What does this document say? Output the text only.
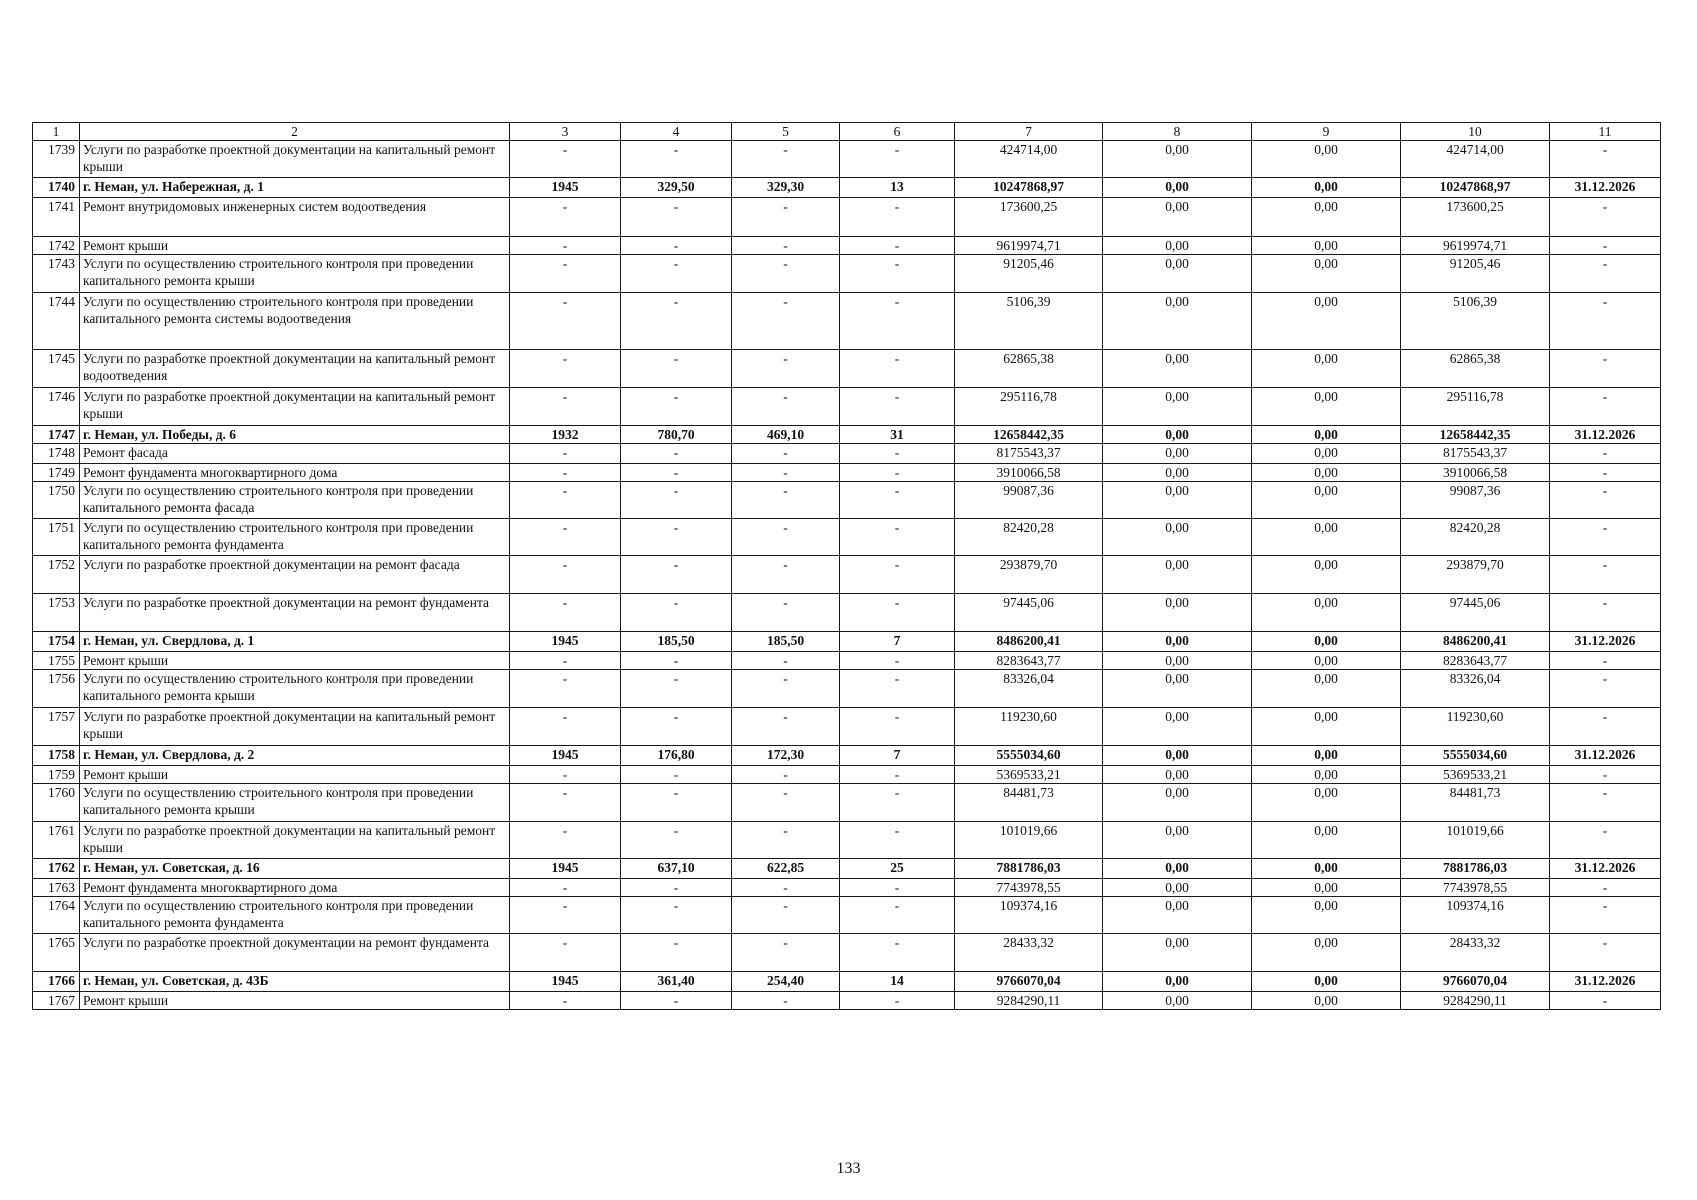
1	2	3	4	5	6	7	8	9	10	11
1739	Услуги по разработке проектной документации на капитальный ремонт крыши	-	-	-	-	424714,00	0,00	0,00	424714,00	-
1740	г. Неман, ул. Набережная, д. 1	1945	329,50	329,30	13	10247868,97	0,00	0,00	10247868,97	31.12.2026
1741	Ремонт внутридомовых инженерных систем водоотведения	-	-	-	-	173600,25	0,00	0,00	173600,25	-
1742	Ремонт крыши	-	-	-	-	9619974,71	0,00	0,00	9619974,71	-
1743	Услуги по осуществлению строительного контроля при проведении капитального ремонта крыши	-	-	-	-	91205,46	0,00	0,00	91205,46	-
1744	Услуги по осуществлению строительного контроля при проведении капитального ремонта системы водоотведения	-	-	-	-	5106,39	0,00	0,00	5106,39	-
1745	Услуги по разработке проектной документации на капитальный ремонт водоотведения	-	-	-	-	62865,38	0,00	0,00	62865,38	-
1746	Услуги по разработке проектной документации на капитальный ремонт крыши	-	-	-	-	295116,78	0,00	0,00	295116,78	-
1747	г. Неман, ул. Победы, д. 6	1932	780,70	469,10	31	12658442,35	0,00	0,00	12658442,35	31.12.2026
1748	Ремонт фасада	-	-	-	-	8175543,37	0,00	0,00	8175543,37	-
1749	Ремонт фундамента многоквартирного дома	-	-	-	-	3910066,58	0,00	0,00	3910066,58	-
1750	Услуги по осуществлению строительного контроля при проведении капитального ремонта фасада	-	-	-	-	99087,36	0,00	0,00	99087,36	-
1751	Услуги по осуществлению строительного контроля при проведении капитального ремонта фундамента	-	-	-	-	82420,28	0,00	0,00	82420,28	-
1752	Услуги по разработке проектной документации на ремонт фасада	-	-	-	-	293879,70	0,00	0,00	293879,70	-
1753	Услуги по разработке проектной документации на ремонт фундамента	-	-	-	-	97445,06	0,00	0,00	97445,06	-
1754	г. Неман, ул. Свердлова, д. 1	1945	185,50	185,50	7	8486200,41	0,00	0,00	8486200,41	31.12.2026
1755	Ремонт крыши	-	-	-	-	8283643,77	0,00	0,00	8283643,77	-
1756	Услуги по осуществлению строительного контроля при проведении капитального ремонта крыши	-	-	-	-	83326,04	0,00	0,00	83326,04	-
1757	Услуги по разработке проектной документации на капитальный ремонт крыши	-	-	-	-	119230,60	0,00	0,00	119230,60	-
1758	г. Неман, ул. Свердлова, д. 2	1945	176,80	172,30	7	5555034,60	0,00	0,00	5555034,60	31.12.2026
1759	Ремонт крыши	-	-	-	-	5369533,21	0,00	0,00	5369533,21	-
1760	Услуги по осуществлению строительного контроля при проведении капитального ремонта крыши	-	-	-	-	84481,73	0,00	0,00	84481,73	-
1761	Услуги по разработке проектной документации на капитальный ремонт крыши	-	-	-	-	101019,66	0,00	0,00	101019,66	-
1762	г. Неман, ул. Советская, д. 16	1945	637,10	622,85	25	7881786,03	0,00	0,00	7881786,03	31.12.2026
1763	Ремонт фундамента многоквартирного дома	-	-	-	-	7743978,55	0,00	0,00	7743978,55	-
1764	Услуги по осуществлению строительного контроля при проведении капитального ремонта фундамента	-	-	-	-	109374,16	0,00	0,00	109374,16	-
1765	Услуги по разработке проектной документации на ремонт фундамента	-	-	-	-	28433,32	0,00	0,00	28433,32	-
1766	г. Неман, ул. Советская, д. 43Б	1945	361,40	254,40	14	9766070,04	0,00	0,00	9766070,04	31.12.2026
1767	Ремонт крыши	-	-	-	-	9284290,11	0,00	0,00	9284290,11	-
133
